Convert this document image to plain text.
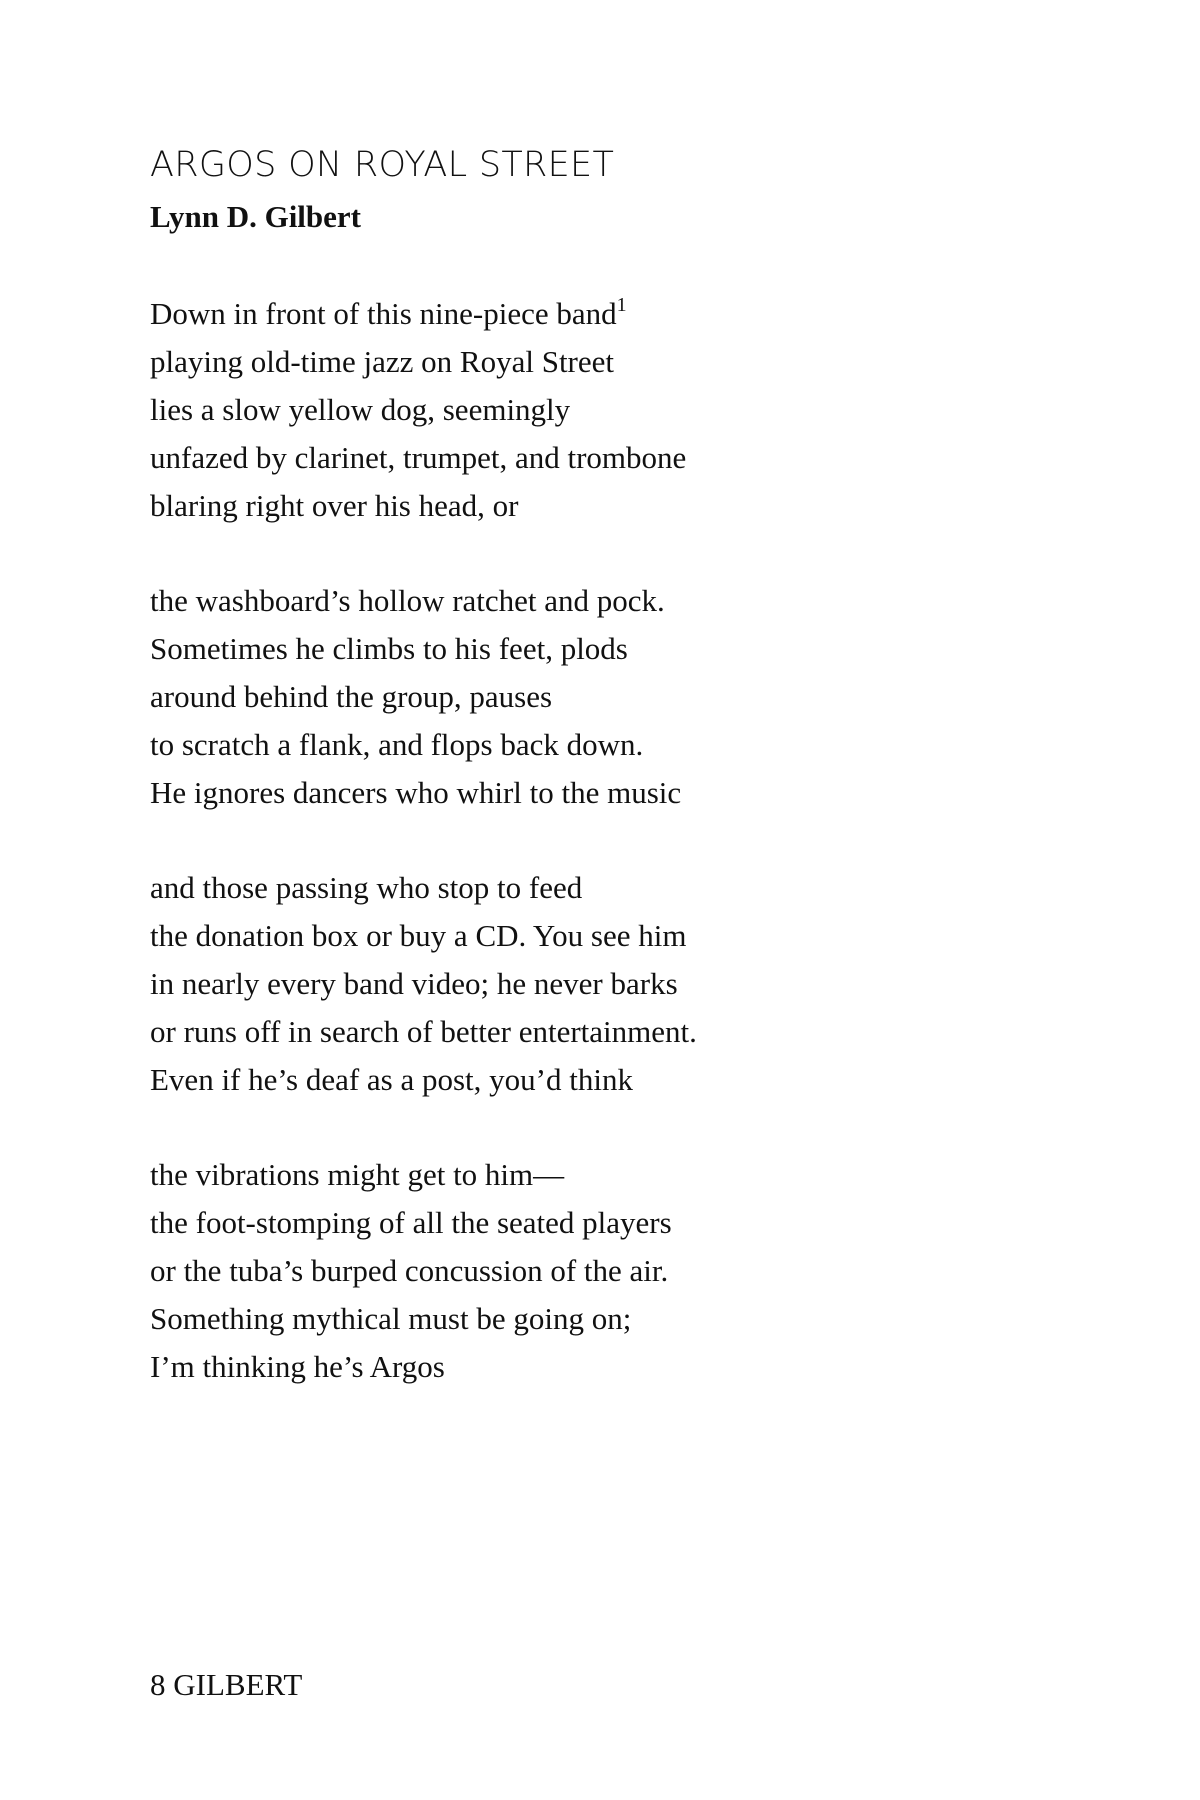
ARGOS ON ROYAL STREET
Lynn D. Gilbert
Down in front of this nine-piece band$^1$
playing old-time jazz on Royal Street
lies a slow yellow dog, seemingly
unfazed by clarinet, trumpet, and trombone
blaring right over his head, or
the washboard’s hollow ratchet and pock.
Sometimes he climbs to his feet, plods
around behind the group, pauses
to scratch a flank, and flops back down.
He ignores dancers who whirl to the music
and those passing who stop to feed
the donation box or buy a CD. You see him
in nearly every band video; he never barks
or runs off in search of better entertainment.
Even if he’s deaf as a post, you’d think
the vibrations might get to him—
the foot-stomping of all the seated players
or the tuba’s burped concussion of the air.
Something mythical must be going on;
I’m thinking he’s Argos
8 GILBERT
